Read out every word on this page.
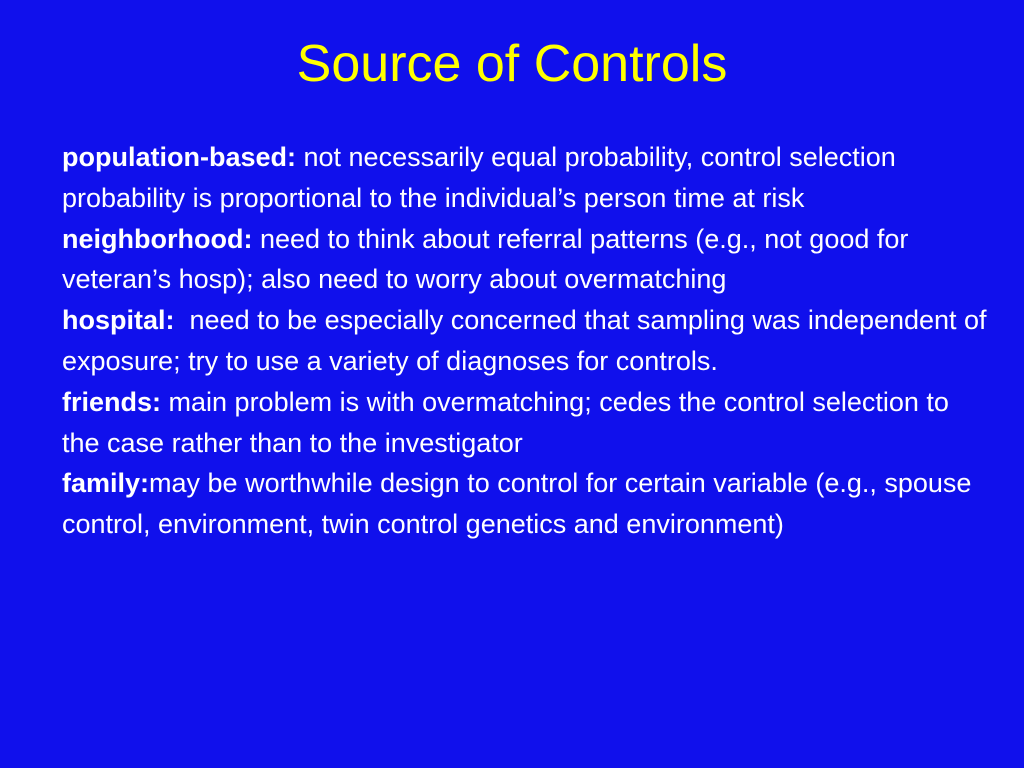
Source of Controls

population-based: not necessarily equal probability, control selection probability is proportional to the individual’s person time at risk

neighborhood: need to think about referral patterns (e.g., not good for veteran’s hosp); also need to worry about overmatching

hospital: need to be especially concerned that sampling was independent of exposure; try to use a variety of diagnoses for controls.

friends: main problem is with overmatching; cedes the control selection to the case rather than to the investigator

family:may be worthwhile design to control for certain variable (e.g., spouse control, environment, twin control genetics and environment)
